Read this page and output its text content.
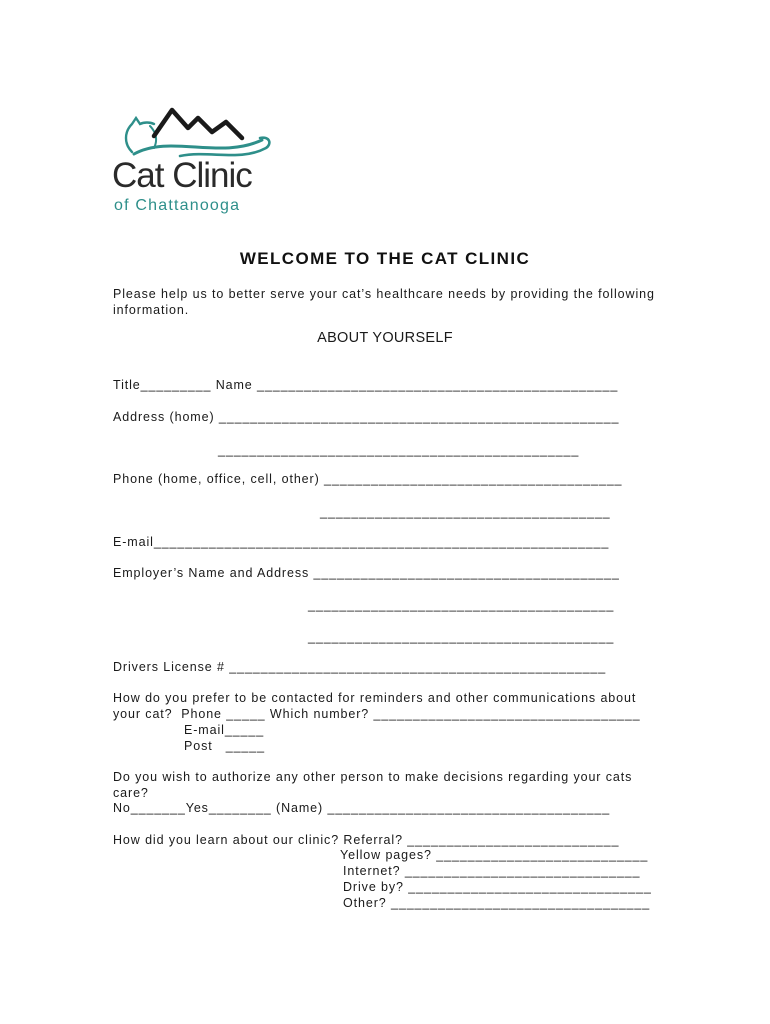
Cat Clinic
of Chattanooga
WELCOME TO THE CAT CLINIC
Please help us to better serve your cat’s healthcare needs by providing the following
information.
ABOUT YOURSELF
Title_________ Name ______________________________________________
Address (home) ___________________________________________________
______________________________________________
Phone (home, office, cell, other) ______________________________________
_____________________________________
E-mail__________________________________________________________
Employer’s Name and Address _______________________________________
_______________________________________
_______________________________________
Drivers License # ________________________________________________
How do you prefer to be contacted for reminders and other communications about
your cat?  Phone _____ Which number? __________________________________
E-mail_____
Post   _____
Do you wish to authorize any other person to make decisions regarding your cats
care?
No_______Yes________ (Name) ____________________________________
How did you learn about our clinic? Referral? ___________________________
Yellow pages? ___________________________
Internet? ______________________________
Drive by? _______________________________
Other? _________________________________
